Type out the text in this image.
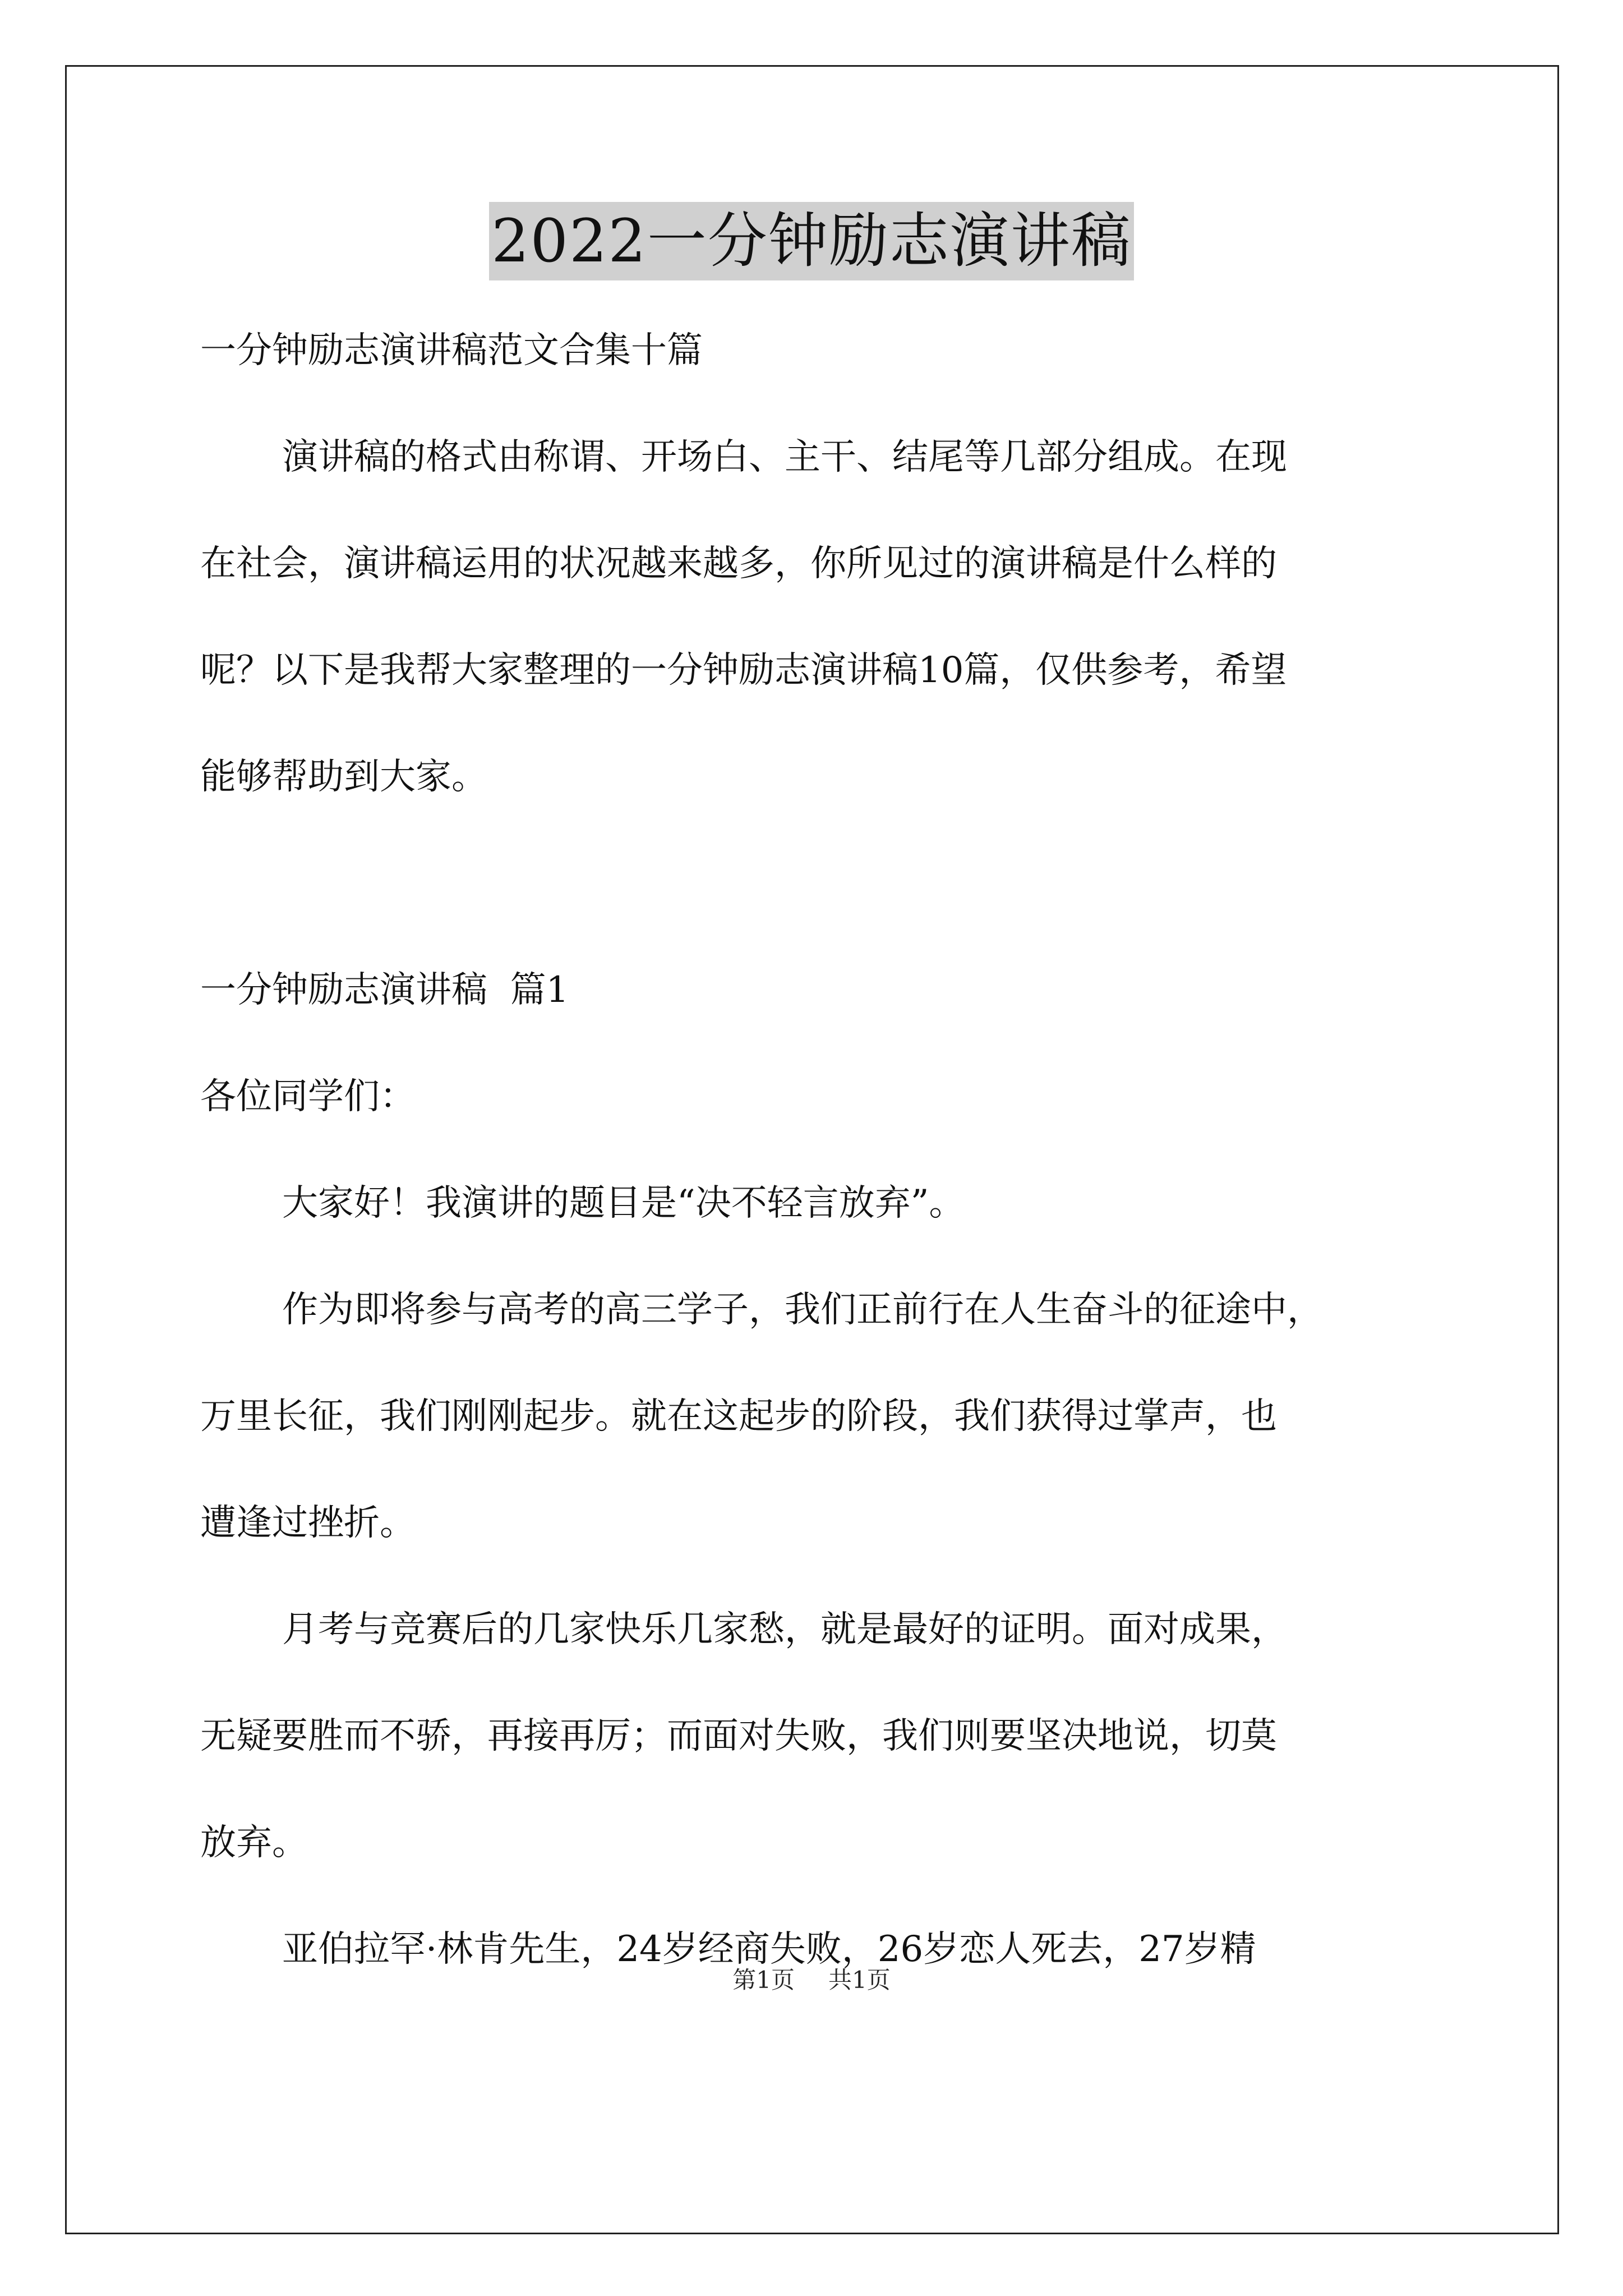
2022一分钟励志演讲稿

一分钟励志演讲稿范文合集十篇

演讲稿的格式由称谓、开场白、主干、结尾等几部分组成。在现

在社会，演讲稿运用的状况越来越多，你所见过的演讲稿是什么样的

呢？以下是我帮大家整理的一分钟励志演讲稿10篇，仅供参考，希望

能够帮助到大家。

一分钟励志演讲稿  篇1

各位同学们：

大家好！我演讲的题目是“决不轻言放弃”。

作为即将参与高考的高三学子，我们正前行在人生奋斗的征途中，

万里长征，我们刚刚起步。就在这起步的阶段，我们获得过掌声，也

遭逢过挫折。

月考与竞赛后的几家快乐几家愁，就是最好的证明。面对成果，

无疑要胜而不骄，再接再厉；而面对失败，我们则要坚决地说，切莫

放弃。

亚伯拉罕·林肯先生，24岁经商失败，26岁恋人死去，27岁精

第1页 共1页
